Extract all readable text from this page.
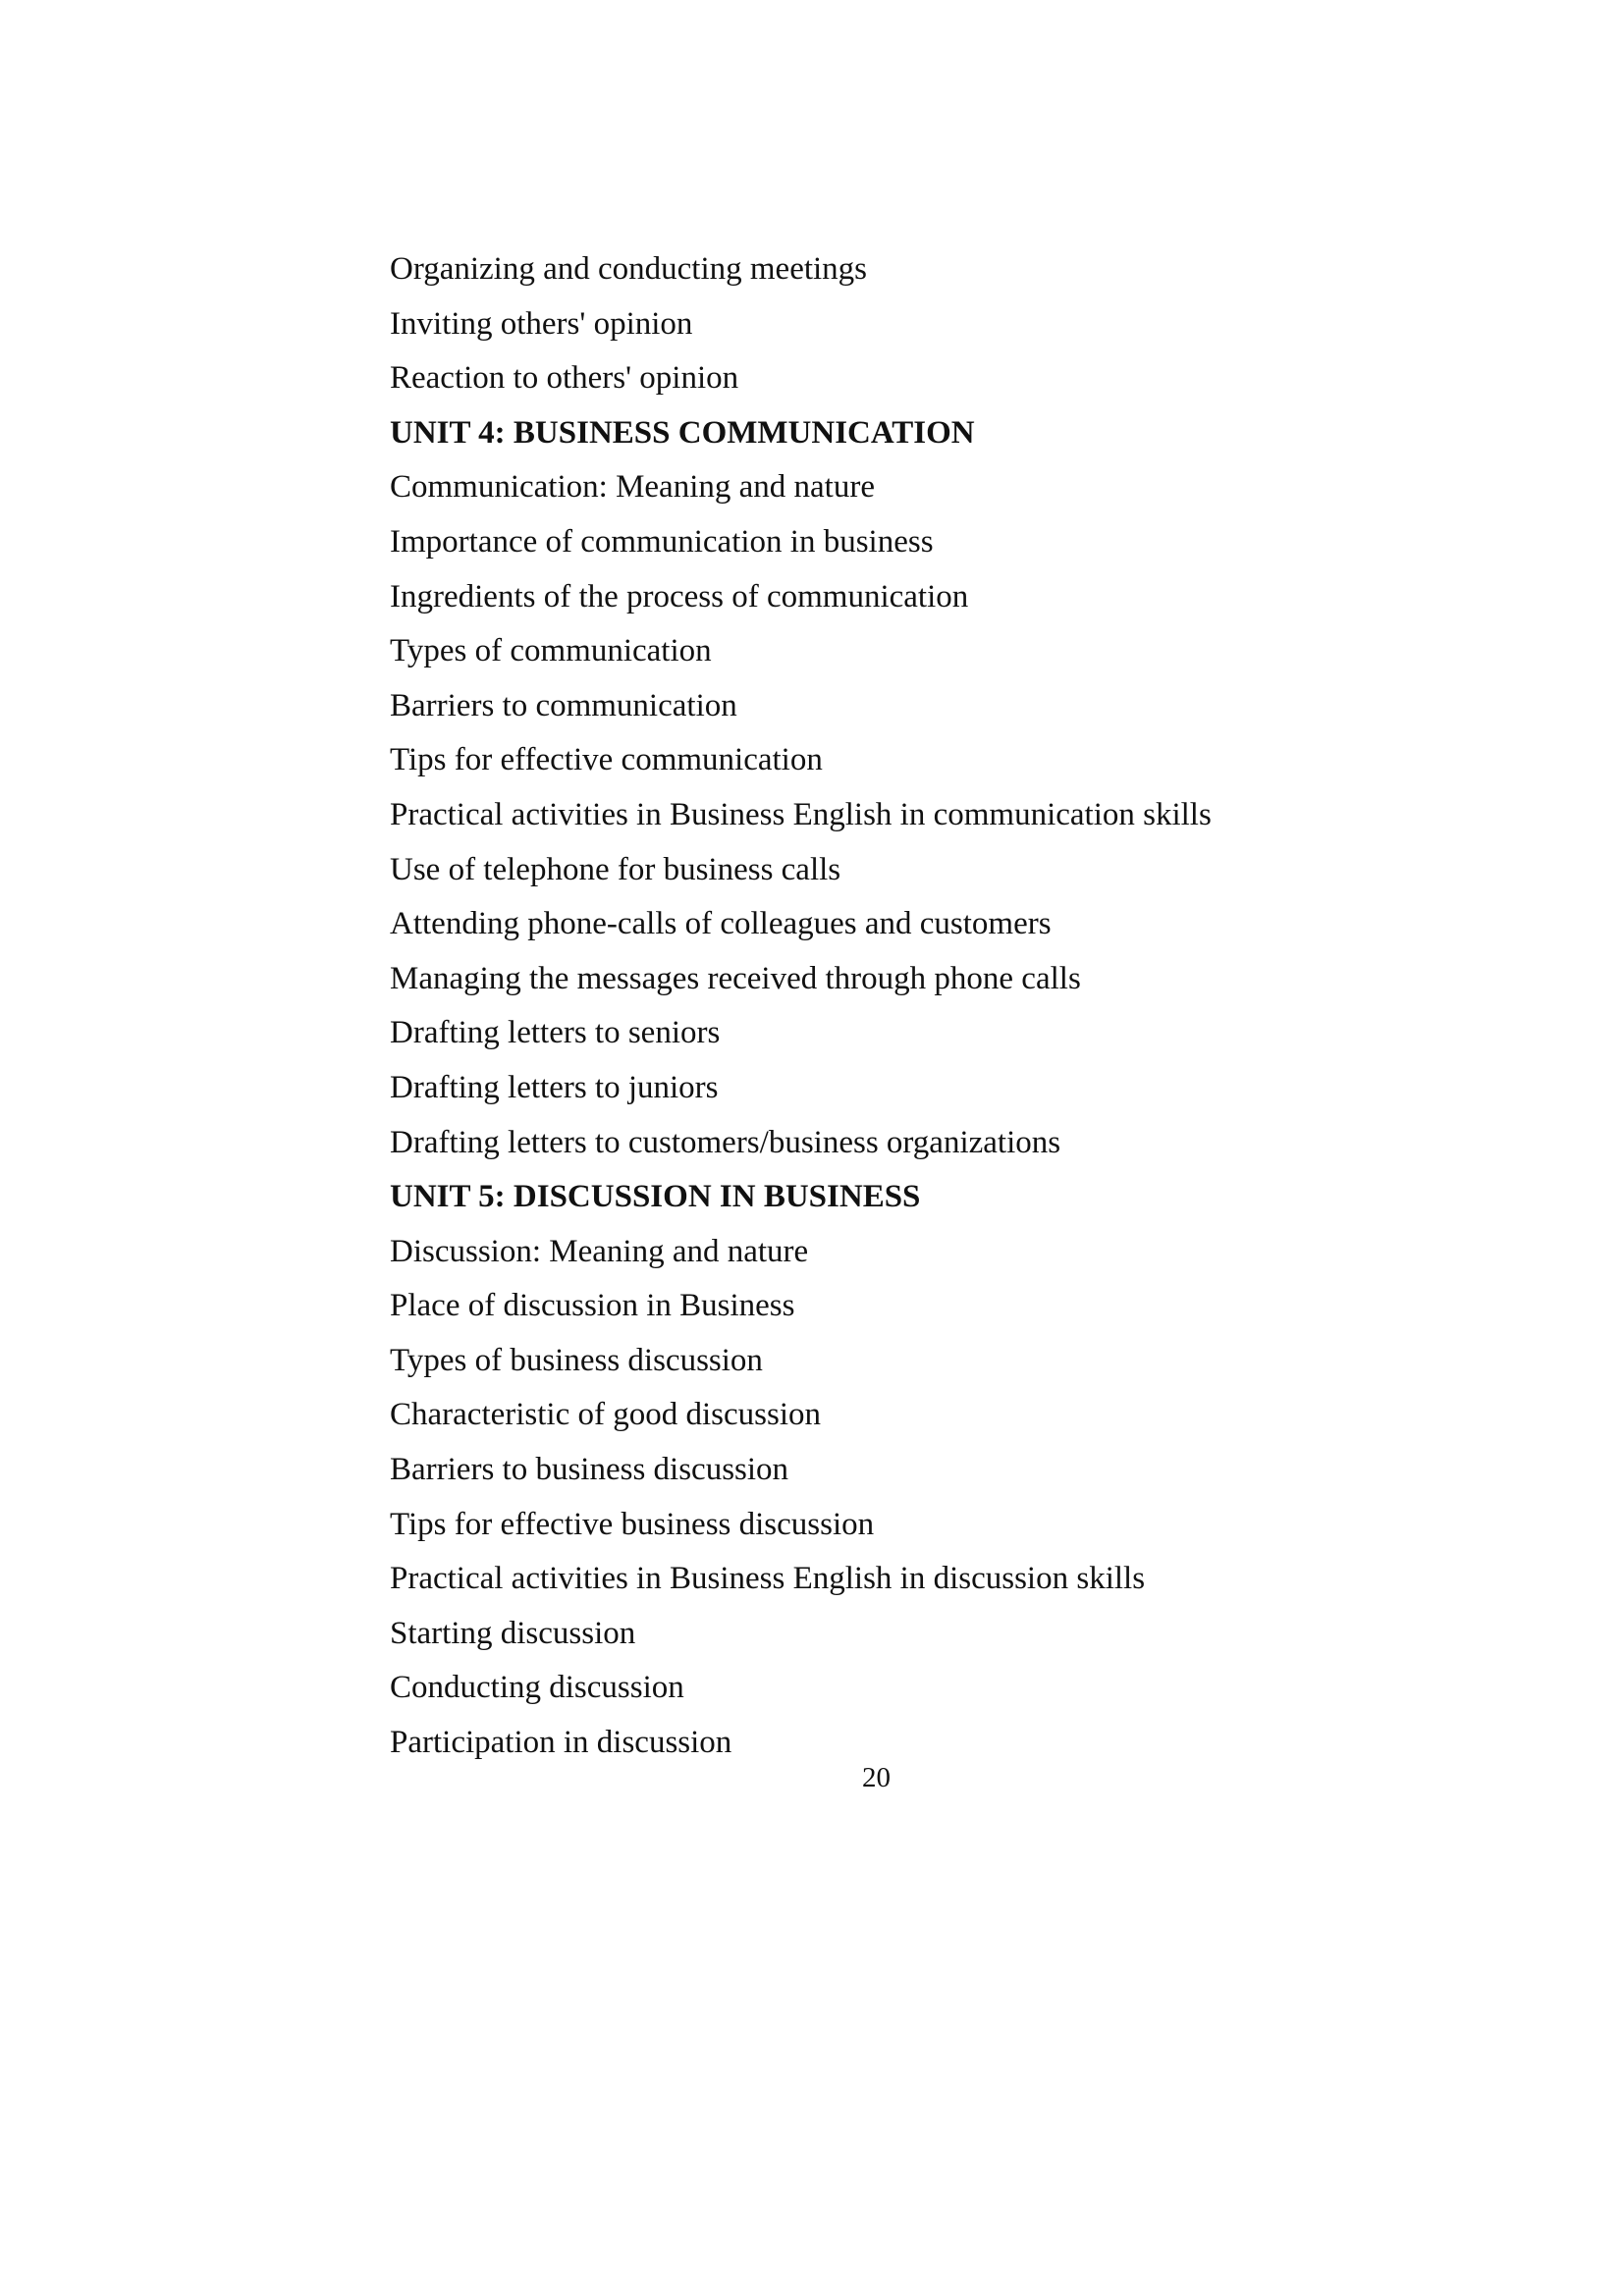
Organizing and conducting meetings
Inviting others' opinion
Reaction to others' opinion
UNIT 4: BUSINESS COMMUNICATION
Communication: Meaning and nature
Importance of communication in business
Ingredients of the process of communication
Types of communication
Barriers to communication
Tips for effective communication
Practical activities in Business English in communication skills
Use of telephone for business calls
Attending phone-calls of colleagues and customers
Managing the messages received through phone calls
Drafting letters to seniors
Drafting letters to juniors
Drafting letters to customers/business organizations
UNIT 5: DISCUSSION IN BUSINESS
Discussion: Meaning and nature
Place of discussion in Business
Types of business discussion
Characteristic of good discussion
Barriers to business discussion
Tips for effective business discussion
Practical activities in Business English in discussion skills
Starting discussion
Conducting discussion
Participation in discussion
20
